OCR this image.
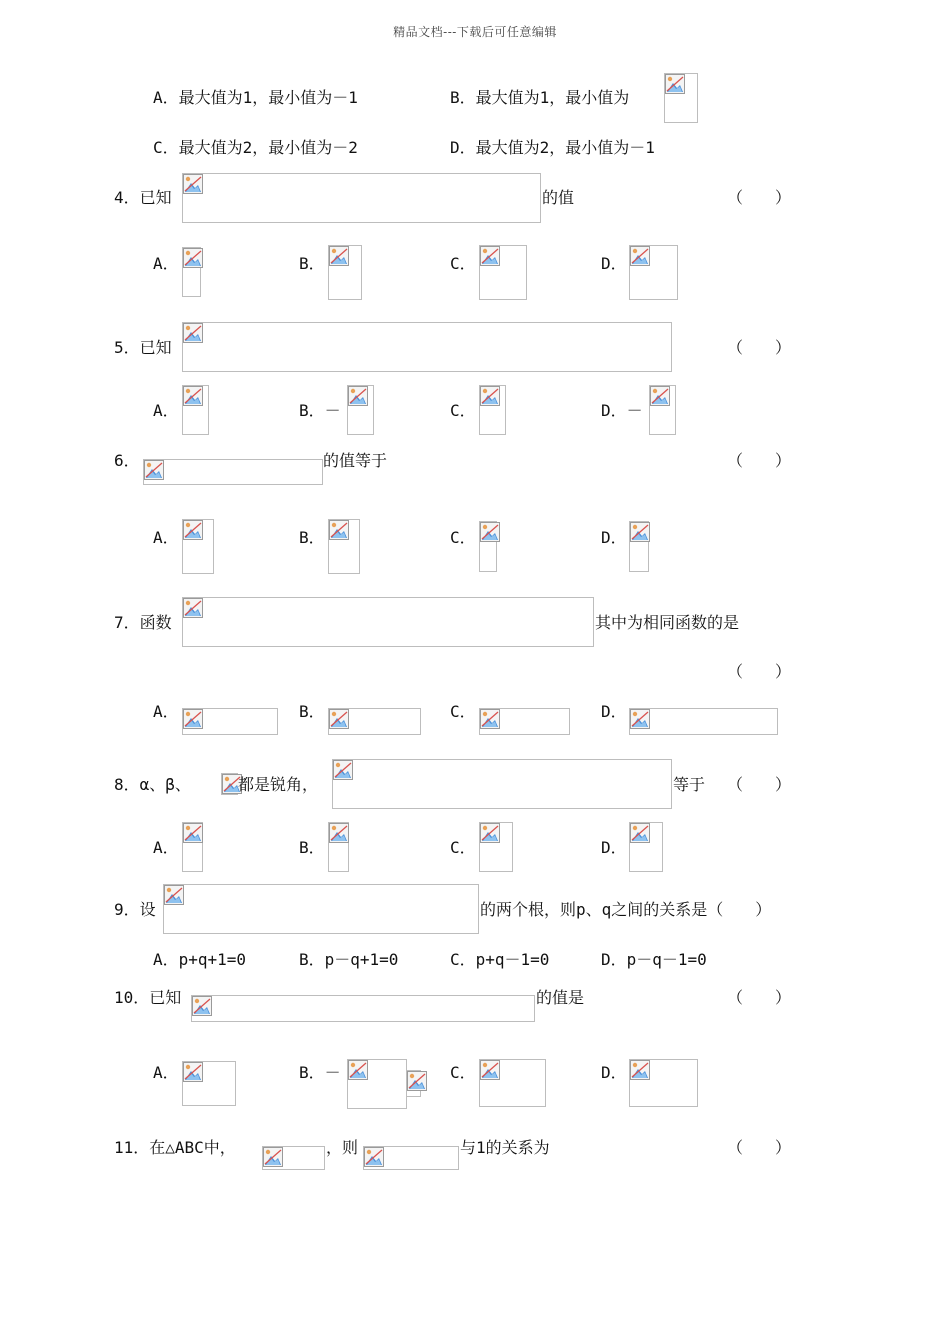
精品文档---下载后可任意编辑
A．最大值为1，最小值为－1	B．最大值为1，最小值为
C．最大值为2，最小值为－2	D．最大值为2，最小值为－1
4．已知	的值	（　　）
A．	B．	C．	D．
5．已知	（　　）
A．	B．－	C．	D．－
6．	的值等于	（　　）
A．	B．	C．	D．
7．函数	其中为相同函数的是
（　　）
A．	B．	C．	D．
8．α、β、	都是锐角，	等于 （　　）
A．	B．	C．	D．
9．设	的两个根，则p、q之间的关系是（　　）
A．p+q+1=0	B．p－q+1=0	C．p+q－1=0	D．p－q－1=0
10．已知	的值是	（　　）
A．	B．－	C．	D．
11．在△ABC中，	，则	与1的关系为	（　　）
